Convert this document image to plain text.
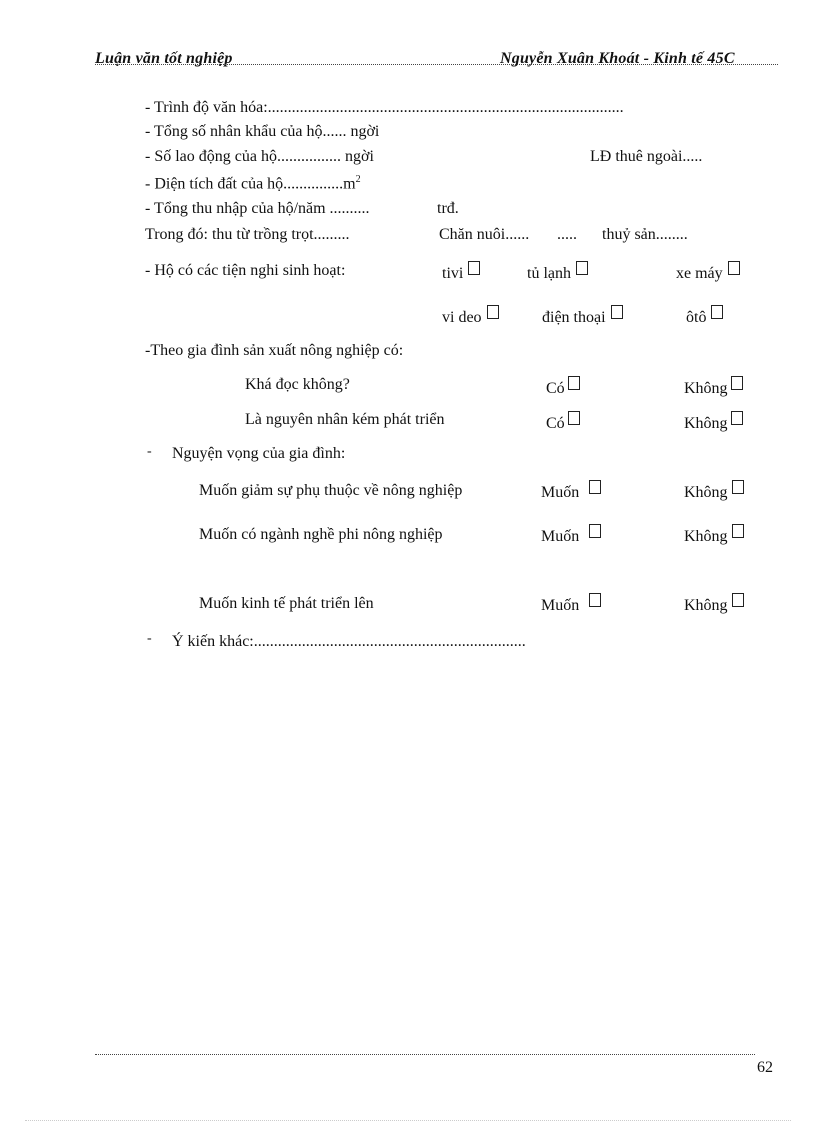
Luận văn tốt nghiệp	Nguyễn Xuân Khoát - Kinh tế 45C
- Trình độ văn hóa:.........................................................................................
- Tổng số nhân khẩu của hộ...... ngời
- Số lao động của hộ................ ngời	LĐ thuê ngoài.....
- Diện tích đất của $hộ...............m^2$
- Tổng thu nhập của hộ/năm ..........	trđ.
Trong đó: thu từ trồng trọt.........	Chăn nuôi...... ..... thuỷ sản........
- Hộ có các tiện nghi sinh hoạt:	tivi	tủ lạnh	xe máy
vi deo	điện thoại	ôtô
-Theo gia đình sản xuất nông nghiệp có:
Khá đọc không?	Có	Không
Là nguyên nhân kém phát triển	Có	Không
- Nguyện vọng của gia đình:
Muốn giảm sự phụ thuộc về nông nghiệp	Muốn	Không
Muốn có ngành nghề phi nông nghiệp	Muốn	Không
Muốn kinh tế phát triển lên	Muốn	Không
- Ý kiến khác:....................................................................
62
